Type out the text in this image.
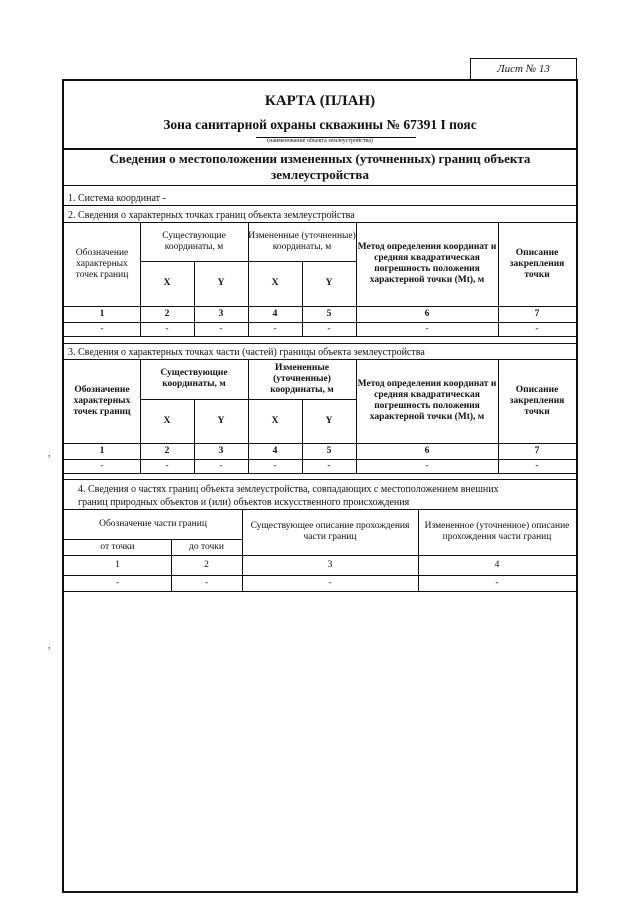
Лист № 13
КАРТА (ПЛАН)
Зона санитарной охраны скважины № 67391 I пояс
(наименование объекта землеустройства)
Сведения о местоположении измененных (уточненных) границ объекта
землеустройства
1. Система координат -
2. Сведения о характерных точках границ объекта землеустройства
Обозначение характерных точек границ
Существующие координаты, м
Измененные (уточненные) координаты, м	Метод определения координат и средняя квадратическая погрешность положения характерной точки (Mt), м
Описание закрепления точки
X	Y	X	Y
1	2	3	4	5	6	7
-	-	-	-	-	-	-
3. Сведения о характерных точках части (частей) границы объекта землеустройства
Обозначение характерных точек границ
Существующие координаты, м
Измененные (уточненные) координаты, м
Метод определения координат и средняя квадратическая погрешность положения характерной точки (Mt), м
Описание закрепления точки
X	Y	X	Y
1	2	3	4	5	6	7
-	-	-	-	-	-	-
4. Сведения о частях границ объекта землеустройства, совпадающих с местоположением внешних
границ природных объектов и (или) объектов искусственного происхождения
Обозначение части границ
от точки	до точки
Существующее описание прохождения части границ
Измененное (уточненное) описание прохождения части границ
1	2	3	4
-	-	-	-
,
,
